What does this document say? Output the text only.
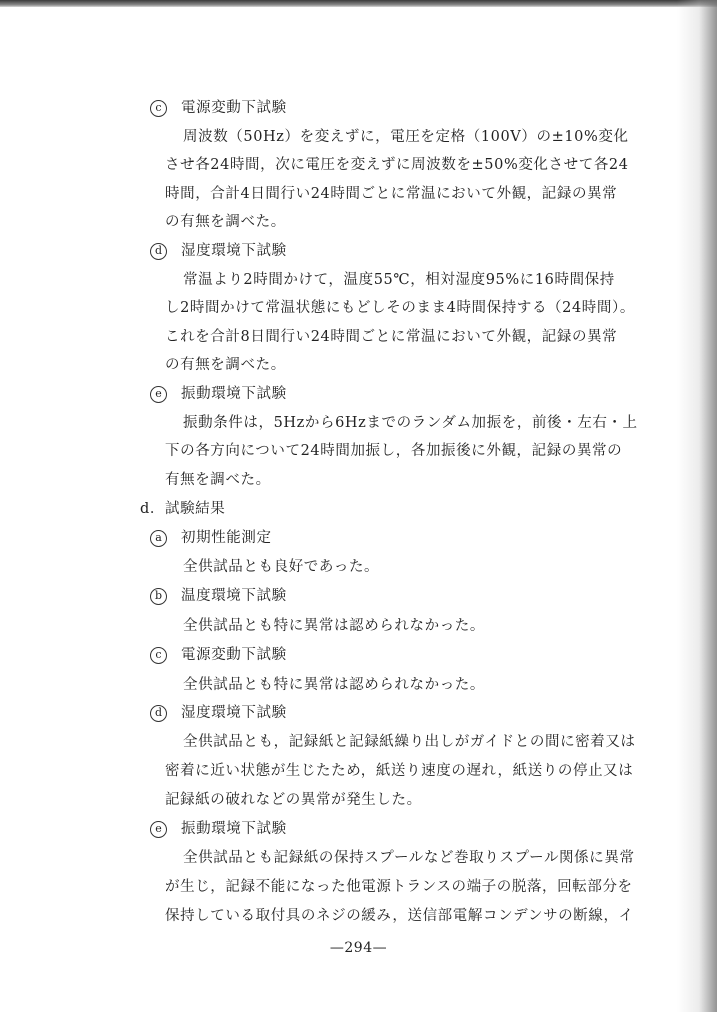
c 電源変動下試験
周波数（50Hz）を変えずに，電圧を定格（100V）の±10%変化
させ各24時間，次に電圧を変えずに周波数を±50%変化させて各24
時間，合計4日間行い24時間ごとに常温において外観，記録の異常
の有無を調べた。
d 湿度環境下試験
常温より2時間かけて，温度55℃，相対湿度95%に16時間保持
し2時間かけて常温状態にもどしそのまま4時間保持する（24時間）。
これを合計8日間行い24時間ごとに常温において外観，記録の異常
の有無を調べた。
e 振動環境下試験
振動条件は，5Hzから6Hzまでのランダム加振を，前後・左右・上
下の各方向について24時間加振し，各加振後に外観，記録の異常の
有無を調べた。
d．試験結果
a 初期性能測定
全供試品とも良好であった。
b 温度環境下試験
全供試品とも特に異常は認められなかった。
c 電源変動下試験
全供試品とも特に異常は認められなかった。
d 湿度環境下試験
全供試品とも，記録紙と記録紙繰り出しがガイドとの間に密着又は
密着に近い状態が生じたため，紙送り速度の遅れ，紙送りの停止又は
記録紙の破れなどの異常が発生した。
e 振動環境下試験
全供試品とも記録紙の保持スプールなど巻取りスプール関係に異常
が生じ，記録不能になった他電源トランスの端子の脱落，回転部分を
保持している取付具のネジの緩み，送信部電解コンデンサの断線，イ
—294—
